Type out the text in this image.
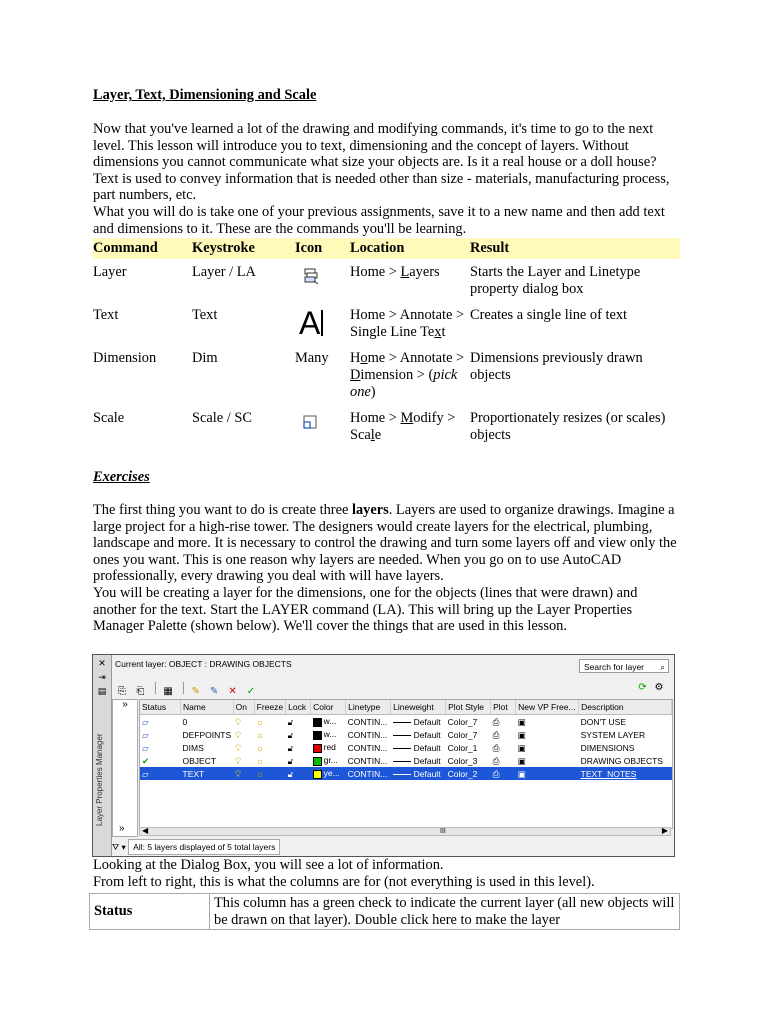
Layer, Text, Dimensioning and Scale

Now that you've learned a lot of the drawing and modifying commands, it's time to go to the next level. This lesson will introduce you to text, dimensioning and the concept of layers. Without dimensions you cannot communicate what size your objects are. Is it a real house or a doll house? Text is used to convey information that is needed other than size - materials, manufacturing process, part numbers, etc.

What you will do is take one of your previous assignments, save it to a new name and then add text and dimensions to it. These are the commands you'll be learning.

Command	Keystroke	Icon	Location	Result
Layer	Layer / LA		Home > Layers	Starts the Layer and Linetype property dialog box
Text	Text	A	Home > Annotate > Single Line Text	Creates a single line of text
Dimension	Dim	Many	Home > Annotate > Dimension > (pick one)	Dimensions previously drawn objects
Scale	Scale / SC		Home > Modify > Scale	Proportionately resizes (or scales) objects
Exercises

The first thing you want to do is create three layers. Layers are used to organize drawings. Imagine a large project for a high-rise tower. The designers would create layers for the electrical, plumbing, landscape and more. It is necessary to control the drawing and turn some layers off and view only the ones you want. This is one reason why layers are needed. When you go on to use AutoCAD professionally, every drawing you deal with will have layers.

You will be creating a layer for the dimensions, one for the objects (lines that were drawn) and another for the text. Start the LAYER command (LA). This will bring up the Layer Properties Manager Palette (shown below). We'll cover the things that are used in this lesson.

✕
⇥
▤
Layer Properties Manager
Current layer: OBJECT : DRAWING OBJECTS	Search for layer ⌕
⎘ ⎗ ▦ ✎ ✎ ✕ ✓	⟳ ⚙
»
»
Status	Name	On	Freeze	Lock	Color	Linetype	Lineweight	Plot Style	Plot	New VP Free...	Description
▱	0	💡︎	☼	🔓︎	w...	CONTIN...	Default	Color_7	⎙	▣	DON'T USE
▱	DEFPOINTS	💡︎	☼	🔓︎	w...	CONTIN...	Default	Color_7	⎙	▣	SYSTEM LAYER
▱	DIMS	💡︎	☼	🔓︎	red	CONTIN...	Default	Color_1	⎙	▣	DIMENSIONS
✔	OBJECT	💡︎	☼	🔓︎	gr...	CONTIN...	Default	Color_3	⎙	▣	DRAWING OBJECTS
▱	TEXT	💡︎	☼	🔓︎	ye...	CONTIN...	Default	Color_2	⎙	▣	TEXT_NOTES
◀	III	▶
⛛ ▾ All: 5 layers displayed of 5 total layers

Looking at the Dialog Box, you will see a lot of information.

From left to right, this is what the columns are for (not everything is used in this level).

Status	This column has a green check to indicate the current layer (all new objects will be drawn on that layer). Double click here to make the layer
